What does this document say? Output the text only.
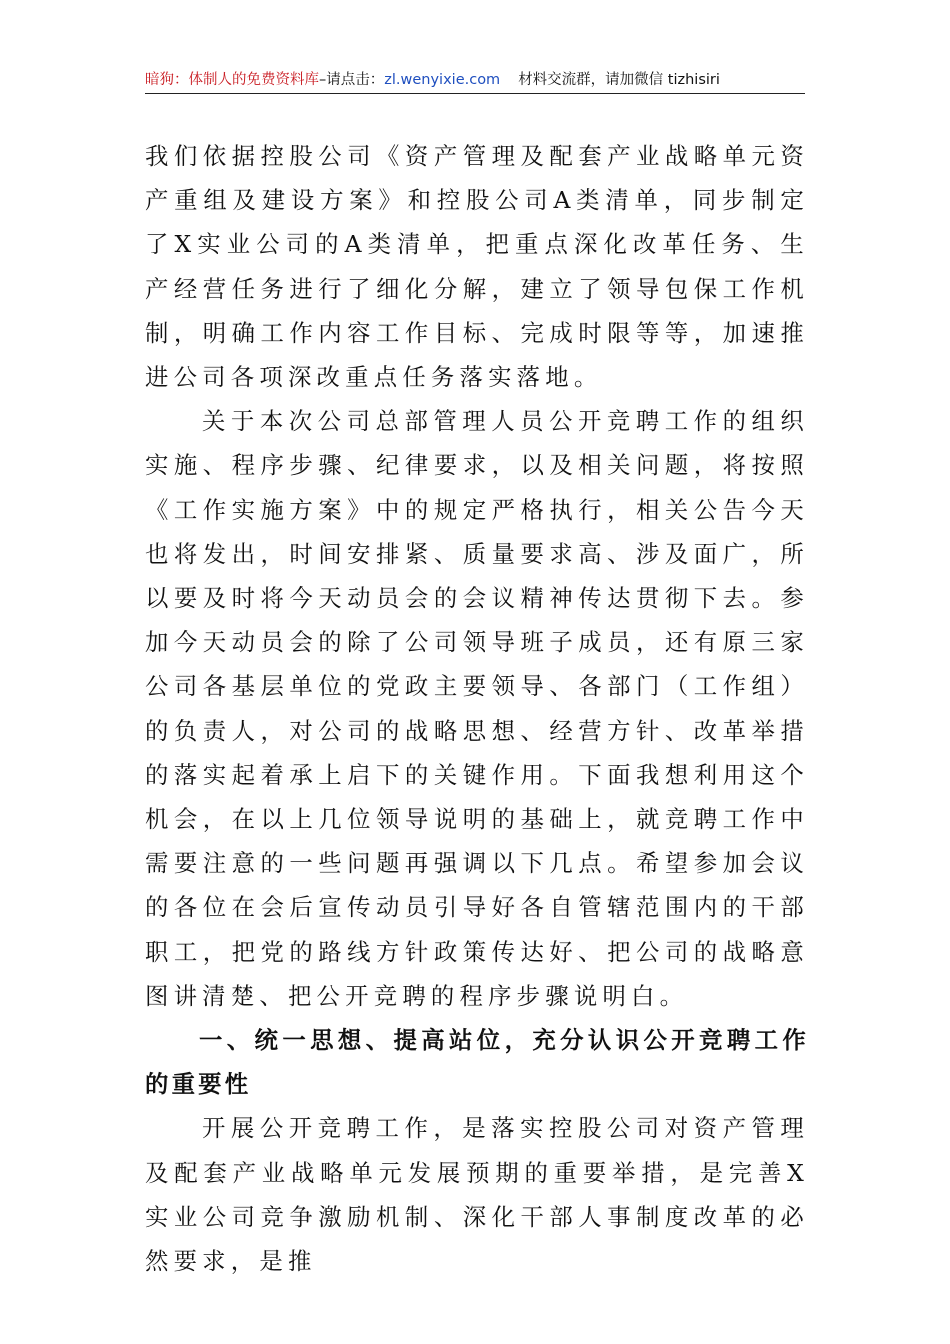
暗狗：体制人的免费资料库 –请点击： zl.wenyixie.com 材料交流群，请加微信 tizhisiri

我们依据控股公司《资产管理及配套产业战略单元资产重组及建设方案》和控股公司A类清单，同步制定了X实业公司的A类清单，把重点深化改革任务、生产经营任务进行了细化分解，建立了领导包保工作机制，明确工作内容工作目标、完成时限等等，加速推进公司各项深改重点任务落实落地。

关于本次公司总部管理人员公开竞聘工作的组织实施、程序步骤、纪律要求，以及相关问题，将按照《工作实施方案》中的规定严格执行，相关公告今天也将发出，时间安排紧、质量要求高、涉及面广，所以要及时将今天动员会的会议精神传达贯彻下去。参加今天动员会的除了公司领导班子成员，还有原三家公司各基层单位的党政主要领导、各部门（工作组）的负责人，对公司的战略思想、经营方针、改革举措的落实起着承上启下的关键作用。下面我想利用这个机会，在以上几位领导说明的基础上，就竞聘工作中需要注意的一些问题再强调以下几点。希望参加会议的各位在会后宣传动员引导好各自管辖范围内的干部职工，把党的路线方针政策传达好、把公司的战略意图讲清楚、把公开竞聘的程序步骤说明白。

一、统一思想、提高站位，充分认识公开竞聘工作的重要性

开展公开竞聘工作，是落实控股公司对资产管理及配套产业战略单元发展预期的重要举措，是完善X实业公司竞争激励机制、深化干部人事制度改革的必然要求，是推
